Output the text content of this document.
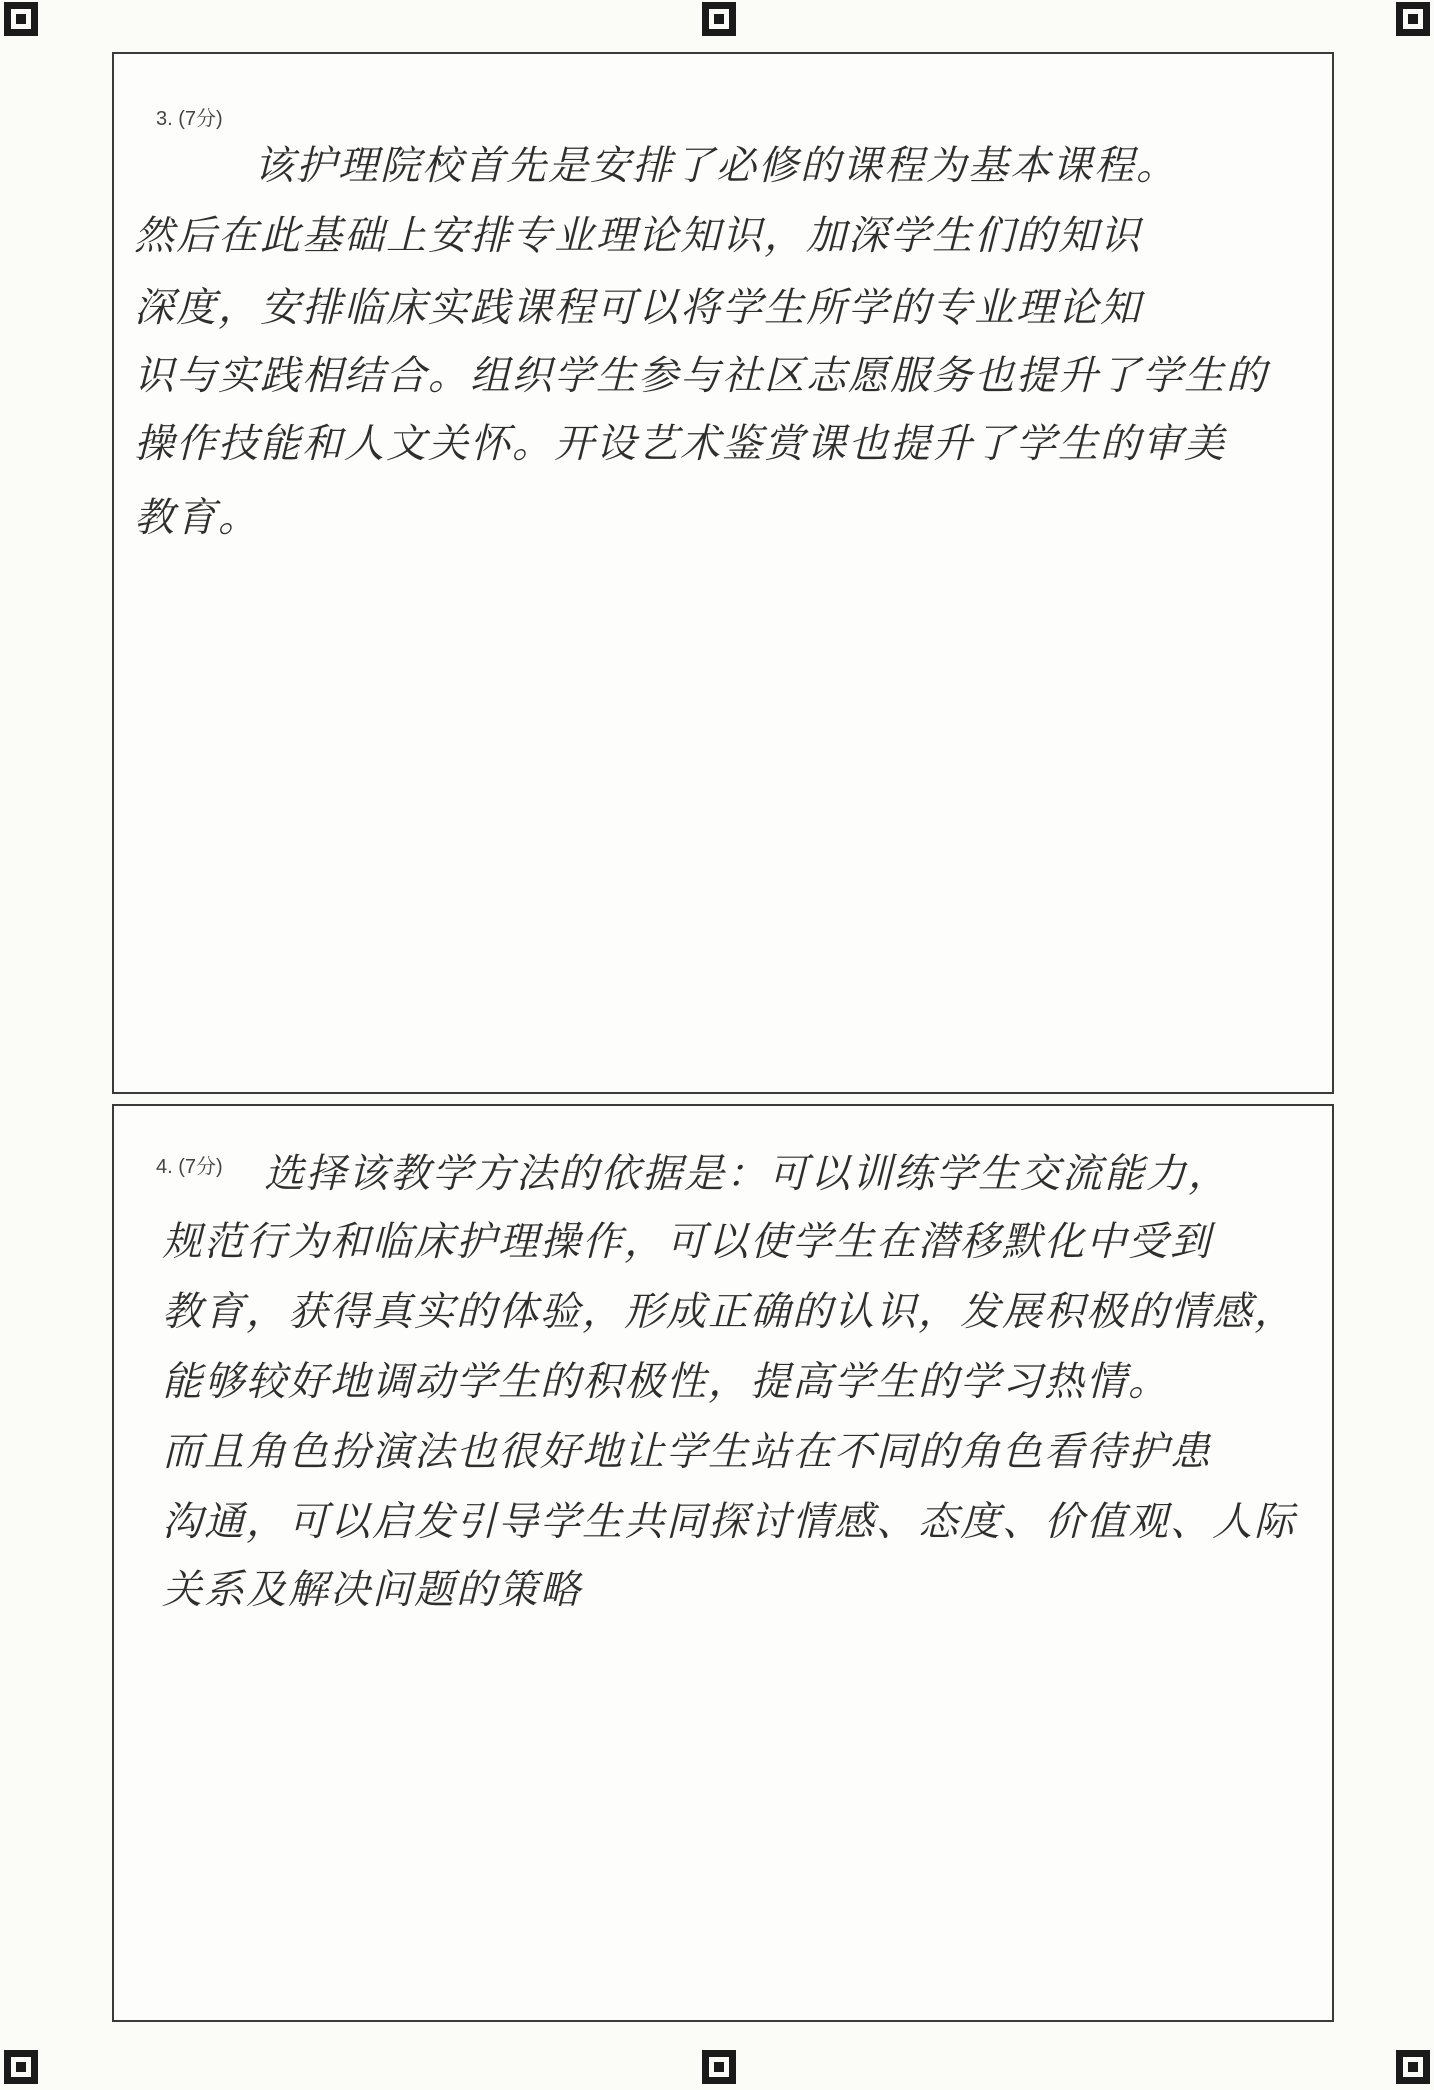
3. (7分)
该护理院校首先是安排了必修的课程为基本课程。
然后在此基础上安排专业理论知识，加深学生们的知识
深度，安排临床实践课程可以将学生所学的专业理论知
识与实践相结合。组织学生参与社区志愿服务也提升了学生的
操作技能和人文关怀。开设艺术鉴赏课也提升了学生的审美
教育。
4. (7分) 选择该教学方法的依据是：可以训练学生交流能力，
规范行为和临床护理操作，可以使学生在潜移默化中受到
教育，获得真实的体验，形成正确的认识，发展积极的情感，
能够较好地调动学生的积极性，提高学生的学习热情。
而且角色扮演法也很好地让学生站在不同的角色看待护患
沟通，可以启发引导学生共同探讨情感、态度、价值观、人际
关系及解决问题的策略
